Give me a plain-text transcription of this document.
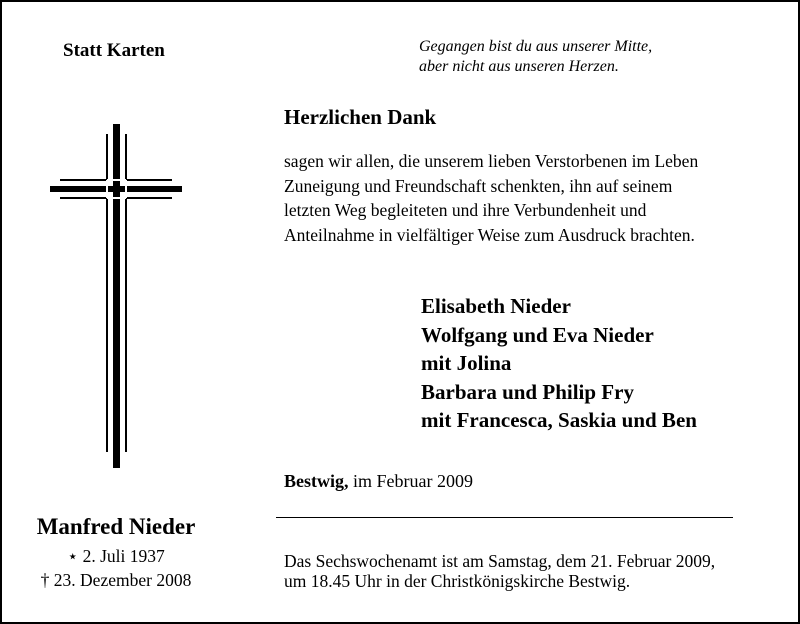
Statt Karten	Gegangen bist du aus unserer Mitte,
aber nicht aus unseren Herzen.
Herzlichen Dank
sagen wir allen, die unserem lieben Verstorbenen im Leben
Zuneigung und Freundschaft schenkten, ihn auf seinem
letzten Weg begleiteten und ihre Verbundenheit und
Anteilnahme in vielfältiger Weise zum Ausdruck brachten.
Elisabeth Nieder
Wolfgang und Eva Nieder
mit Jolina
Barbara und Philip Fry
mit Francesca, Saskia und Ben
Bestwig, im Februar 2009
Das Sechswochenamt ist am Samstag, dem 21. Februar 2009,
um 18.45 Uhr in der Christkönigskirche Bestwig.
Manfred Nieder
⋆ 2. Juli 1937
† 23. Dezember 2008
